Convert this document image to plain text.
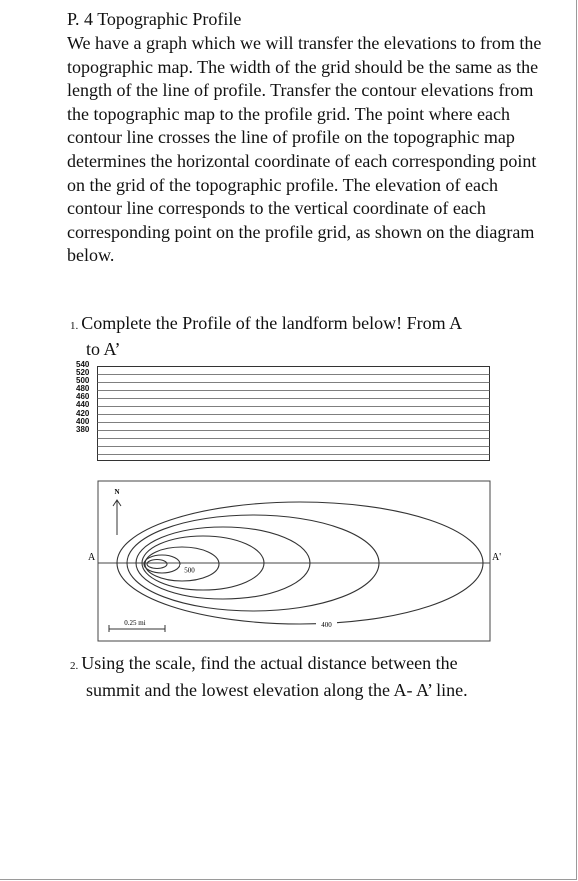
P. 4 Topographic Profile
We have a graph which we will transfer the elevations to from the topographic map. The width of the grid should be the same as the length of the line of profile. Transfer the contour elevations from the topographic map to the profile grid. The point where each contour line crosses the line of profile on the topographic map determines the horizontal coordinate of each corresponding point on the grid of the topographic profile. The elevation of each contour line corresponds to the vertical coordinate of each corresponding point on the profile grid, as shown on the diagram below.
1. Complete the Profile of the landform below! From A
to A’
540
520
500
480
460
440
420
400
380
N
A	A'
500
400
0.25 mi
2. Using the scale, find the actual distance between the
summit and the lowest elevation along the A- A’ line.
